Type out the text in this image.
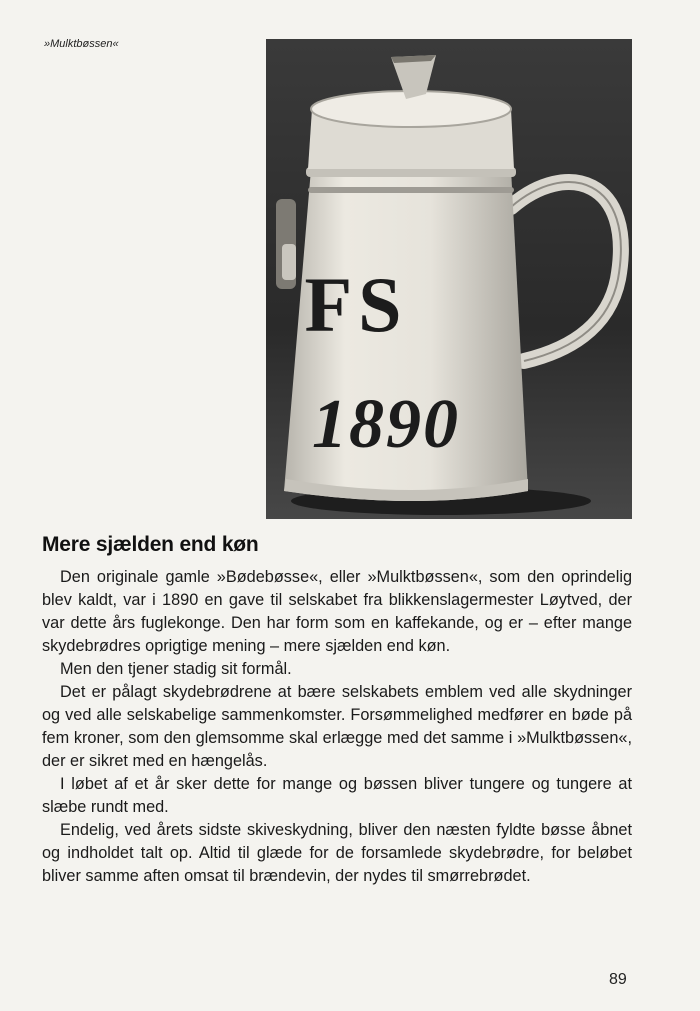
»Mulktbøssen«
FS
1890
Mere sjælden end køn

Den originale gamle »Bødebøsse«, eller »Mulktbøssen«, som den oprindelig blev kaldt, var i 1890 en gave til selskabet fra blikkenslagermester Løytved, der var dette års fuglekonge. Den har form som en kaffekande, og er – efter mange skydebrødres oprigtige mening – mere sjælden end køn.

Men den tjener stadig sit formål.

Det er pålagt skydebrødrene at bære selskabets emblem ved alle skydninger og ved alle selskabelige sammenkomster. Forsømmelighed medfører en bøde på fem kroner, som den glemsomme skal erlægge med det samme i »Mulktbøssen«, der er sikret med en hængelås.

I løbet af et år sker dette for mange og bøssen bliver tungere og tungere at slæbe rundt med.

Endelig, ved årets sidste skiveskydning, bliver den næsten fyldte bøsse åbnet og indholdet talt op. Altid til glæde for de forsamlede skydebrødre, for beløbet bliver samme aften omsat til brændevin, der nydes til smørrebrødet.

89
